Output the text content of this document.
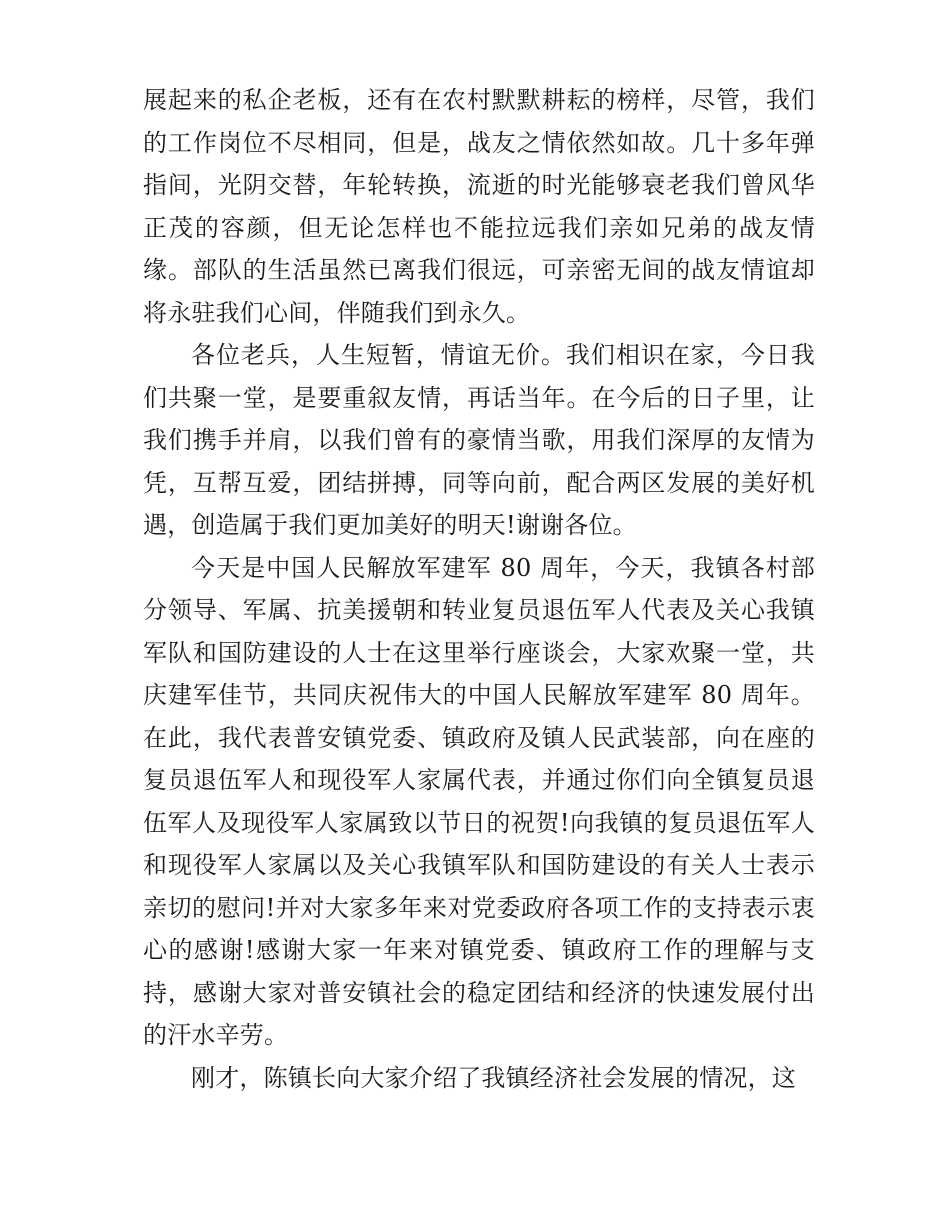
展起来的私企老板，还有在农村默默耕耘的榜样，尽管，我们的工作岗位不尽相同，但是，战友之情依然如故。几十多年弹指间，光阴交替，年轮转换，流逝的时光能够衰老我们曾风华正茂的容颜，但无论怎样也不能拉远我们亲如兄弟的战友情缘。部队的生活虽然已离我们很远，可亲密无间的战友情谊却将永驻我们心间，伴随我们到永久。

各位老兵，人生短暂，情谊无价。我们相识在家，今日我们共聚一堂，是要重叙友情，再话当年。在今后的日子里，让我们携手并肩，以我们曾有的豪情当歌，用我们深厚的友情为凭，互帮互爱，团结拼搏，同等向前，配合两区发展的美好机遇，创造属于我们更加美好的明天!谢谢各位。

今天是中国人民解放军建军 80 周年，今天，我镇各村部分领导、军属、抗美援朝和转业复员退伍军人代表及关心我镇军队和国防建设的人士在这里举行座谈会，大家欢聚一堂，共庆建军佳节，共同庆祝伟大的中国人民解放军建军 80 周年。在此，我代表普安镇党委、镇政府及镇人民武装部，向在座的复员退伍军人和现役军人家属代表，并通过你们向全镇复员退伍军人及现役军人家属致以节日的祝贺!向我镇的复员退伍军人和现役军人家属以及关心我镇军队和国防建设的有关人士表示亲切的慰问!并对大家多年来对党委政府各项工作的支持表示衷心的感谢!感谢大家一年来对镇党委、镇政府工作的理解与支持，感谢大家对普安镇社会的稳定团结和经济的快速发展付出的汗水辛劳。

刚才，陈镇长向大家介绍了我镇经济社会发展的情况，这
